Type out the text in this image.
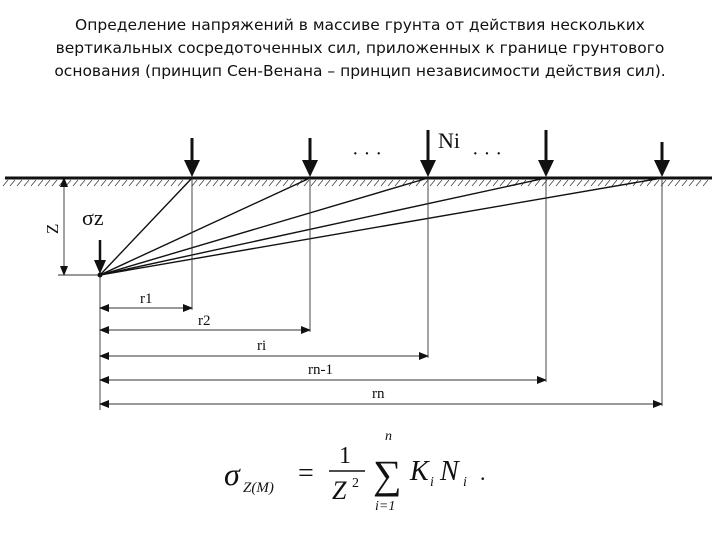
Определение напряжений в массиве грунта от действия нескольких
вертикальных сосредоточенных сил, приложенных к границе грунтового
основания (принцип Сен-Венана – принцип независимости действия сил).
Ni
· · ·	· · ·
Z σz
r1
r2
ri
rn-1
rn
σ Z(M) =
1
Z 2 ∑
n
i=1
K i N i .
